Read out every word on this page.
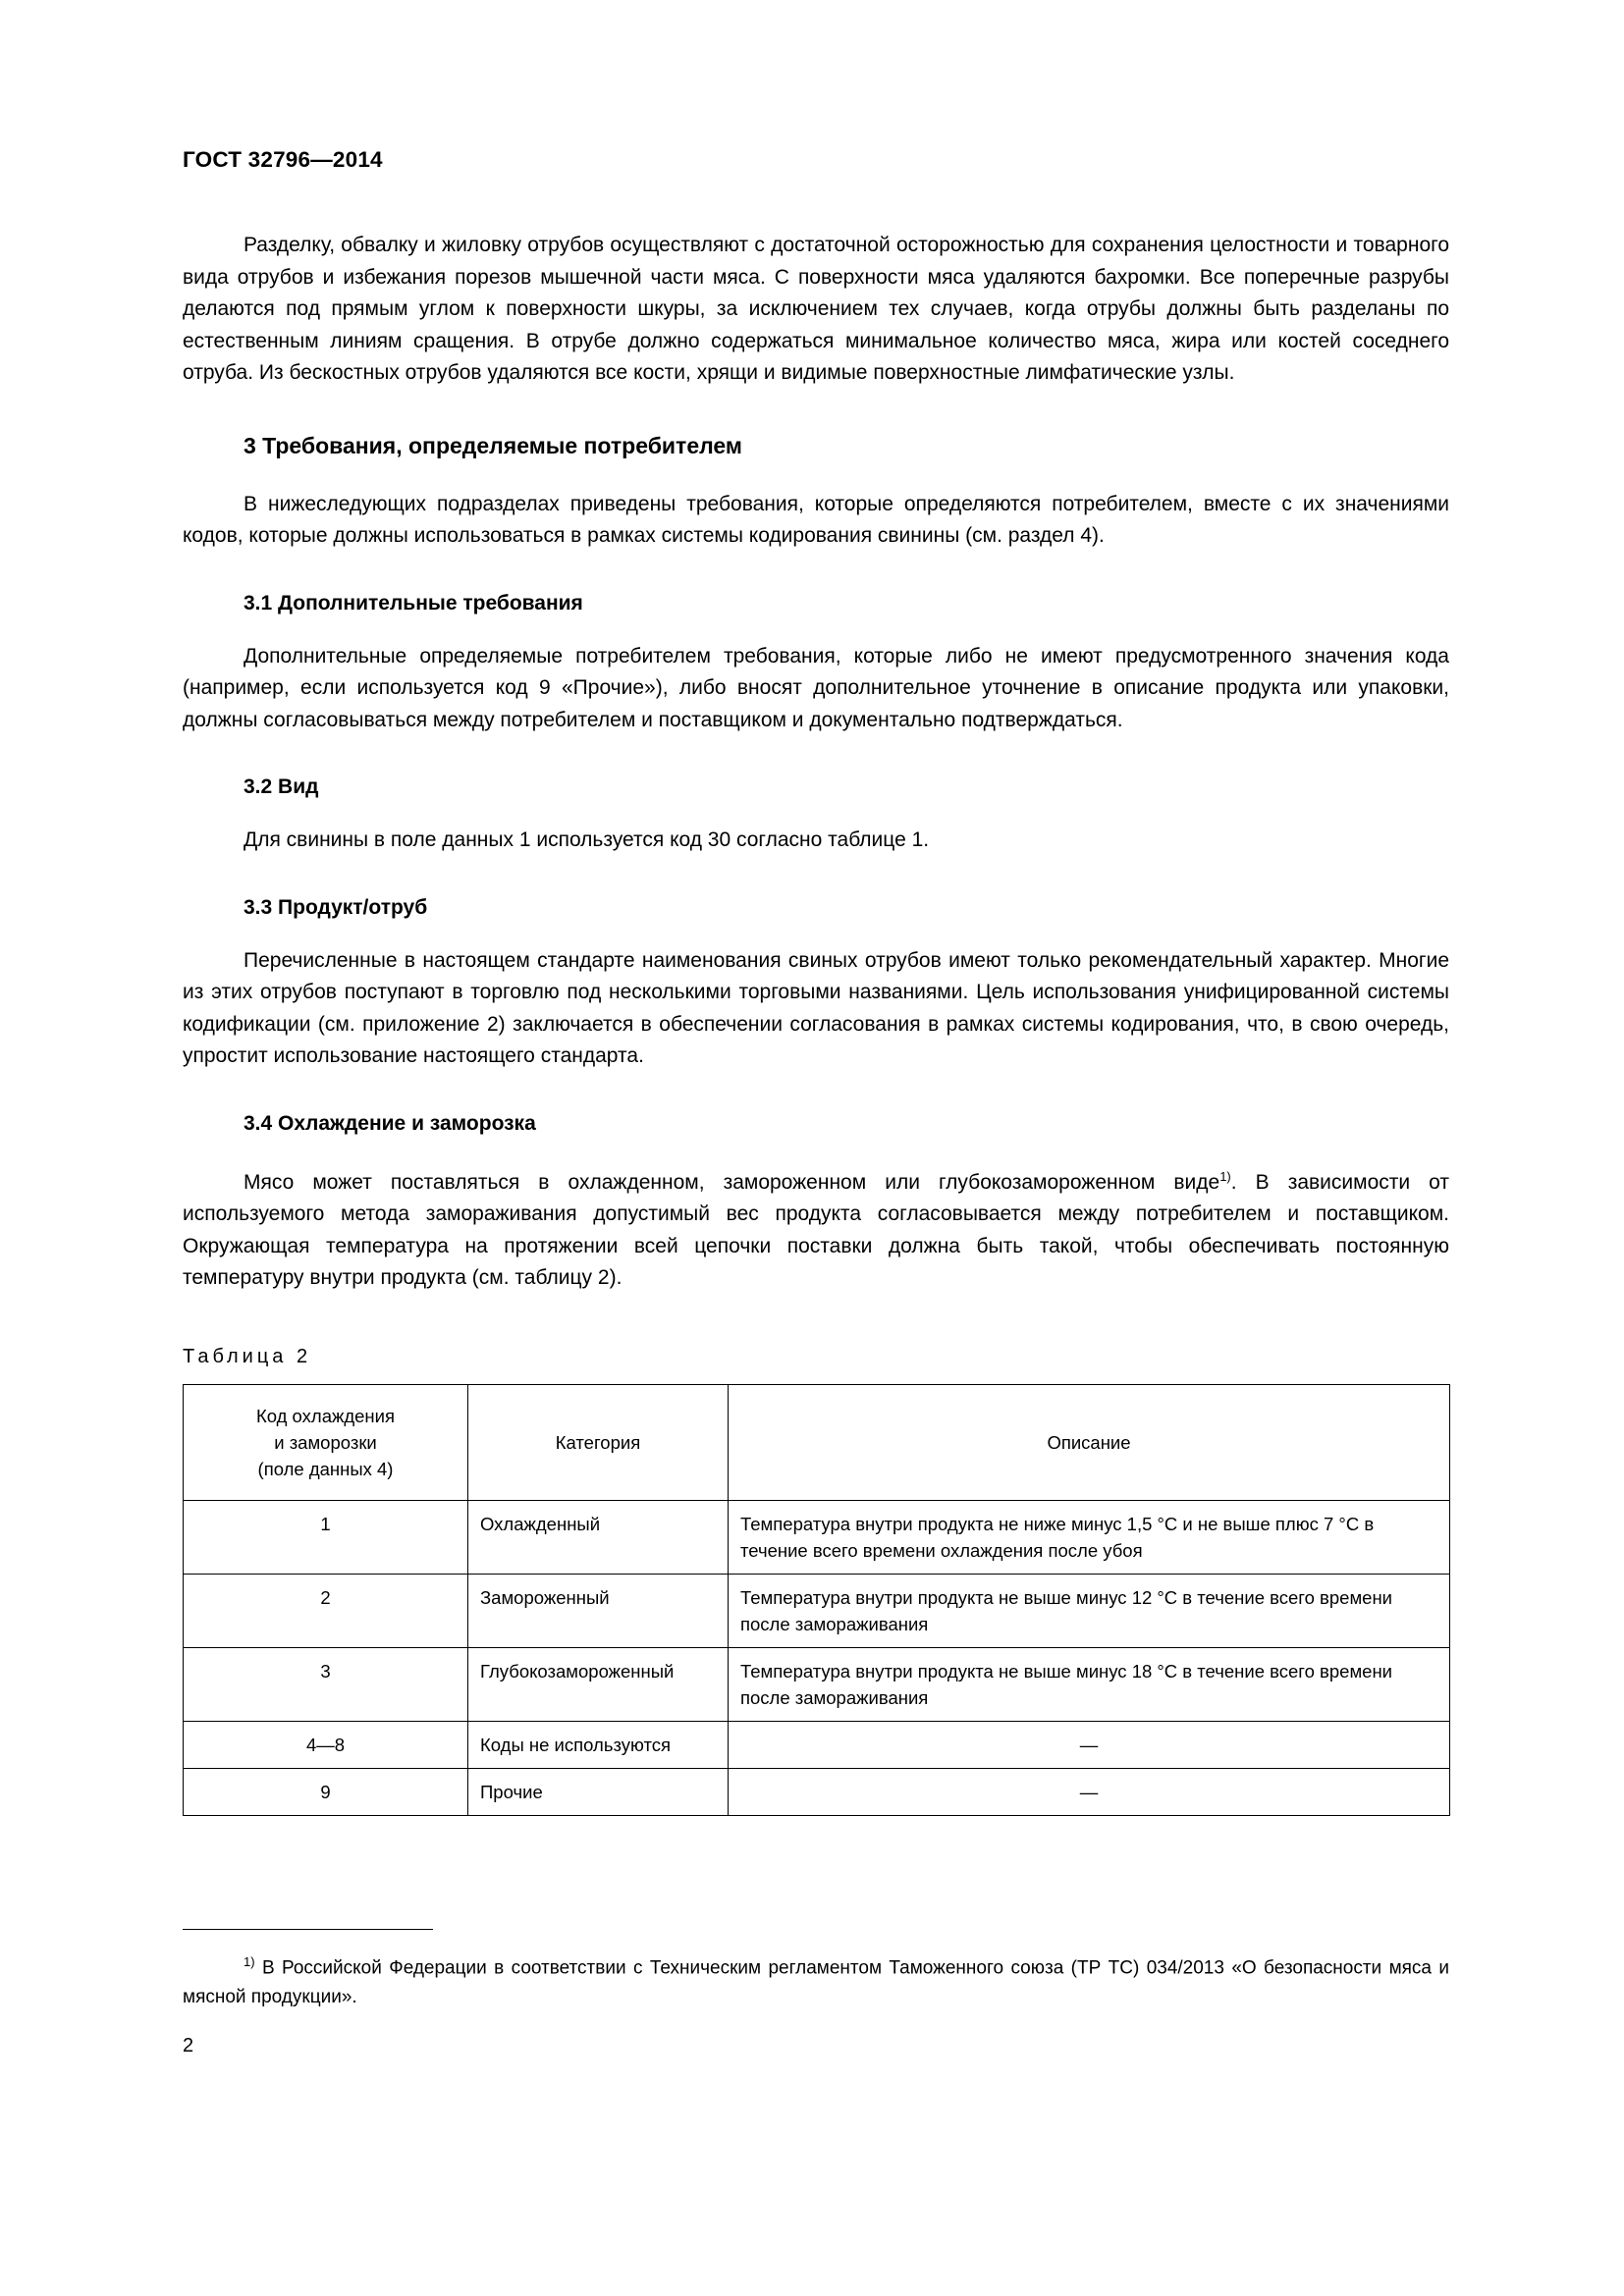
ГОСТ 32796—2014

Разделку, обвалку и жиловку отрубов осуществляют с достаточной осторожностью для сохранения целостности и товарного вида отрубов и избежания порезов мышечной части мяса. С поверхности мяса удаляются бахромки. Все поперечные разрубы делаются под прямым углом к поверхности шкуры, за исключением тех случаев, когда отрубы должны быть разделаны по естественным линиям сращения. В отрубе должно содержаться минимальное количество мяса, жира или костей соседнего отруба. Из бескостных отрубов удаляются все кости, хрящи и видимые поверхностные лимфатические узлы.

3 Требования, определяемые потребителем

В нижеследующих подразделах приведены требования, которые определяются потребителем, вместе с их значениями кодов, которые должны использоваться в рамках системы кодирования свинины (см. раздел 4).

3.1 Дополнительные требования

Дополнительные определяемые потребителем требования, которые либо не имеют предусмотренного значения кода (например, если используется код 9 «Прочие»), либо вносят дополнительное уточнение в описание продукта или упаковки, должны согласовываться между потребителем и поставщиком и документально подтверждаться.

3.2 Вид

Для свинины в поле данных 1 используется код 30 согласно таблице 1.

3.3 Продукт/отруб

Перечисленные в настоящем стандарте наименования свиных отрубов имеют только рекомендательный характер. Многие из этих отрубов поступают в торговлю под несколькими торговыми названиями. Цель использования унифицированной системы кодификации (см. приложение 2) заключается в обеспечении согласования в рамках системы кодирования, что, в свою очередь, упростит использование настоящего стандарта.

3.4 Охлаждение и заморозка

Мясо может поставляться в охлажденном, замороженном или глубокозамороженном виде$^{1)}$. В зависимости от используемого метода замораживания допустимый вес продукта согласовывается между потребителем и поставщиком. Окружающая температура на протяжении всей цепочки поставки должна быть такой, чтобы обеспечивать постоянную температуру внутри продукта (см. таблицу 2).

Таблица 2
Код охлаждения
и заморозки
(поле данных 4)	Категория	Описание
1	Охлажденный	Температура внутри продукта не ниже минус 1,5 °С и не выше плюс 7 °С в течение всего времени охлаждения после убоя
2	Замороженный	Температура внутри продукта не выше минус 12 °С в течение всего времени после замораживания
3	Глубокозамороженный	Температура внутри продукта не выше минус 18 °С в течение всего времени после замораживания
4—8	Коды не используются	—
9	Прочие	—

$^{1)}$ В Российской Федерации в соответствии с Техническим регламентом Таможенного союза (ТР ТС) 034/2013 «О безопасности мяса и мясной продукции».

2
